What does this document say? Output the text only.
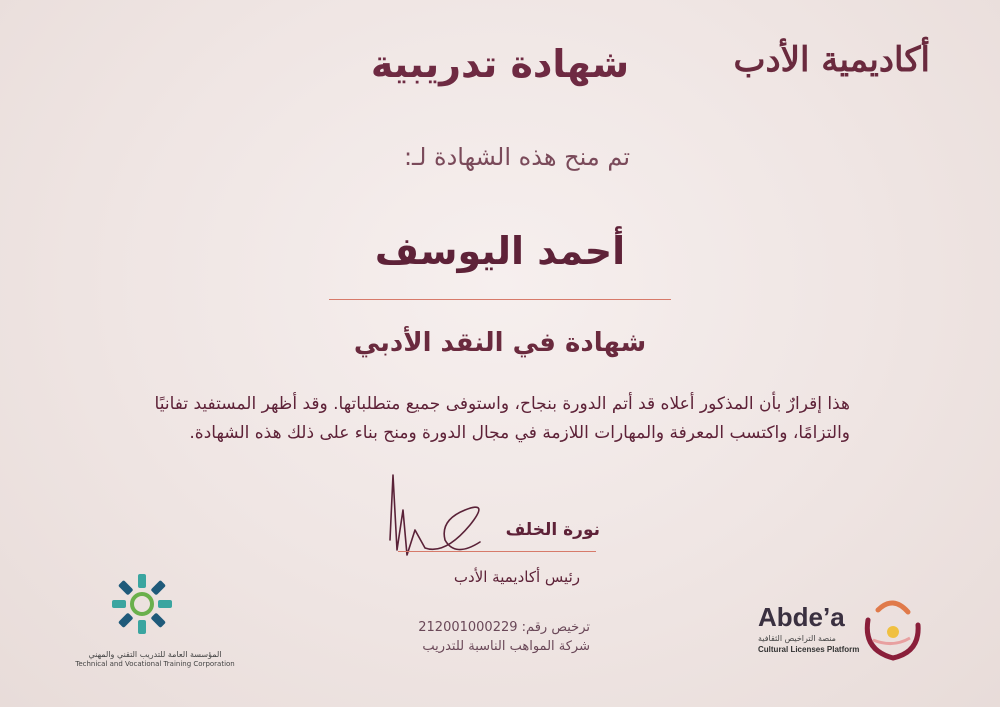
أكاديمية الأدب
شهادة تدريبية
تم منح هذه الشهادة لـ:
أحمد اليوسف
شهادة في النقد الأدبي
هذا إقرارٌ بأن المذكور أعلاه قد أتم الدورة بنجاح، واستوفى جميع متطلباتها. وقد أظهر المستفيد تفانيًا
والتزامًا، واكتسب المعرفة والمهارات اللازمة في مجال الدورة ومنح بناء على ذلك هذه الشهادة.
نورة الخلف
رئيس أكاديمية الأدب
ترخيص رقم: 212001000229
شركة المواهب الناسبة للتدريب
المؤسسة العامة للتدريب التقني والمهني
Technical and Vocational Training Corporation
Abde’a
منصة التراخيص الثقافية
Cultural Licenses Platform
